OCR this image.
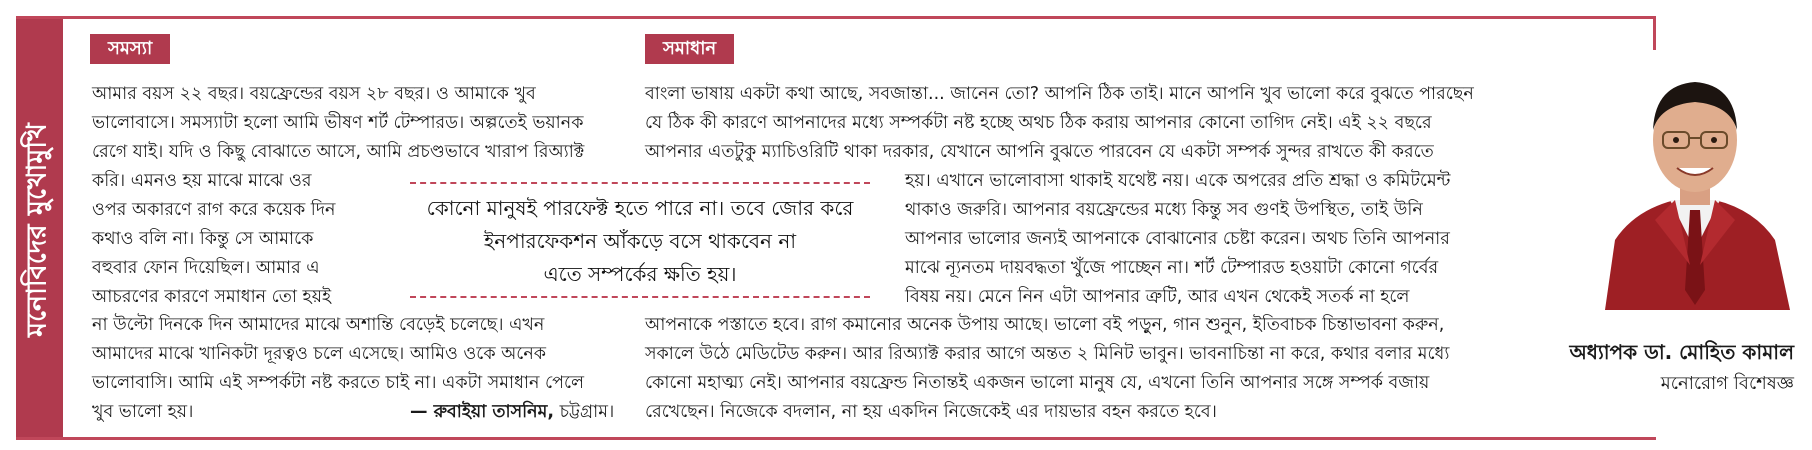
মনোবিদের মুখোমুখি
সমস্যা	সমাধান
আমার বয়স ২২ বছর। বয়ফ্রেন্ডের বয়স ২৮ বছর। ও আমাকে খুব
ভালোবাসে। সমস্যাটা হলো আমি ভীষণ শর্ট টেম্পারড। অল্পতেই ভয়ানক
রেগে যাই। যদি ও কিছু বোঝাতে আসে, আমি প্রচণ্ডভাবে খারাপ রিঅ্যাক্ট
করি। এমনও হয় মাঝে মাঝে ওর
ওপর অকারণে রাগ করে কয়েক দিন
কথাও বলি না। কিন্তু সে আমাকে
বহুবার ফোন দিয়েছিল। আমার এ
আচরণের কারণে সমাধান তো হয়ই
না উল্টো দিনকে দিন আমাদের মাঝে অশান্তি বেড়েই চলেছে। এখন
আমাদের মাঝে খানিকটা দূরত্বও চলে এসেছে। আমিও ওকে অনেক
ভালোবাসি। আমি এই সম্পর্কটা নষ্ট করতে চাই না। একটা সমাধান পেলে
খুব ভালো হয়।	— রুবাইয়া তাসনিম, চট্টগ্রাম।
কোনো মানুষই পারফেক্ট হতে পারে না। তবে জোর করে
ইনপারফেকশন আঁকড়ে বসে থাকবেন না
এতে সম্পর্কের ক্ষতি হয়।
বাংলা ভাষায় একটা কথা আছে, সবজান্তা... জানেন তো? আপনি ঠিক তাই। মানে আপনি খুব ভালো করে বুঝতে পারছেন
যে ঠিক কী কারণে আপনাদের মধ্যে সম্পর্কটা নষ্ট হচ্ছে অথচ ঠিক করায় আপনার কোনো তাগিদ নেই। এই ২২ বছরে
আপনার এতটুকু ম্যাচিওরিটি থাকা দরকার, যেখানে আপনি বুঝতে পারবেন যে একটা সম্পর্ক সুন্দর রাখতে কী করতে
হয়। এখানে ভালোবাসা থাকাই যথেষ্ট নয়। একে অপরের প্রতি শ্রদ্ধা ও কমিটমেন্ট
থাকাও জরুরি। আপনার বয়ফ্রেন্ডের মধ্যে কিন্তু সব গুণই উপস্থিত, তাই উনি
আপনার ভালোর জন্যই আপনাকে বোঝানোর চেষ্টা করেন। অথচ তিনি আপনার
মাঝে ন্যূনতম দায়বদ্ধতা খুঁজে পাচ্ছেন না। শর্ট টেম্পারড হওয়াটা কোনো গর্বের
বিষয় নয়। মেনে নিন এটা আপনার ত্রুটি, আর এখন থেকেই সতর্ক না হলে
আপনাকে পস্তাতে হবে। রাগ কমানোর অনেক উপায় আছে। ভালো বই পড়ুন, গান শুনুন, ইতিবাচক চিন্তাভাবনা করুন,
সকালে উঠে মেডিটেড করুন। আর রিঅ্যাক্ট করার আগে অন্তত ২ মিনিট ভাবুন। ভাবনাচিন্তা না করে, কথার বলার মধ্যে
কোনো মহাত্ম্য নেই। আপনার বয়ফ্রেন্ড নিতান্তই একজন ভালো মানুষ যে, এখনো তিনি আপনার সঙ্গে সম্পর্ক বজায়
রেখেছেন। নিজেকে বদলান, না হয় একদিন নিজেকেই এর দায়ভার বহন করতে হবে।
অধ্যাপক ডা. মোহিত কামাল
মনোরোগ বিশেষজ্ঞ
